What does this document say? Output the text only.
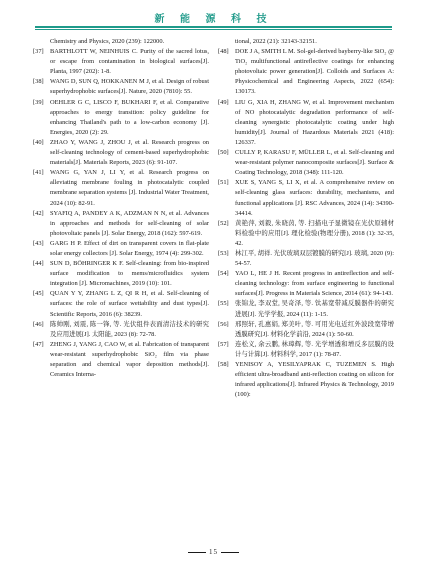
新 能 源 科 技

Chemistry and Physics, 2020 (239): 122000.

[37] BARTHLOTT W, NEINHUIS C. Purity of the sacred lotus, or escape from contamination in biological surfaces[J]. Planta, 1997 (202): 1-8.
[38] WANG D, SUN Q, HOKKANEN M J, et al. Design of robust superhydrophobic surfaces[J]. Nature, 2020 (7810): 55.
[39] OEHLER G C, LISCO F, BUKHARI F, et al. Comparative approaches to energy transition: policy guideline for enhancing Thailand's path to a low-carbon economy [J]. Energies, 2020 (2): 29.
[40] ZHAO Y, WANG J, ZHOU J, et al. Research progress on self-cleaning technology of cement-based superhydrophobic materials[J]. Materials Reports, 2023 (6): 91-107.
[41] WANG G, YAN J, LI Y, et al. Research progress on alleviating membrane fouling in photocatalytic coupled membrane separation systems [J]. Industrial Water Treatment, 2024 (10): 82-91.
[42] SYAFIQ A, PANDEY A K, ADZMAN N N, et al. Advances in approaches and methods for self-cleaning of solar photovoltaic panels [J]. Solar Energy, 2018 (162): 597-619.
[43] GARG H P. Effect of dirt on transparent covers in flat-plate solar energy collectors [J]. Solar Energy, 1974 (4): 299-302.
[44] SUN D, BÖHRINGER K F. Self-cleaning: from bio-inspired surface modification to mems/microfluidics system integration [J]. Micromachines, 2019 (10): 101.
[45] QUAN Y Y, ZHANG L Z, QI R H, et al. Self-cleaning of surfaces: the role of surface wettability and dust types[J]. Scientific Reports, 2016 (6): 38239.
[46] 陈帅刚, 刘震, 陈一锋, 等. 光伏组件表面清洁技术的研究及应用进展[J]. 太阳能, 2023 (8): 72-78.
[47] ZHENG J, YANG J, CAO W, et al. Fabrication of transparent wear-resistant superhydrophobic SiO₂ film via phase separation and chemical vapor deposition methods[J]. Ceramics Interna-

tional, 2022 (21): 32143-32151.

[48] DOE J A, SMITH L M. Sol-gel-derived bayberry-like SiO₂ @ TiO₂ multifunctional antireflective coatings for enhancing photovoltaic power generation[J]. Colloids and Surfaces A: Physicochemical and Engineering Aspects, 2022 (654): 130173.
[49] LIU G, XIA H, ZHANG W, et al. Improvement mechanism of NO photocatalytic degradation performance of self-cleaning synergistic photocatalytic coating under high humidity[J]. Journal of Hazardous Materials 2021 (418): 126337.
[50] CULLY P, KARASU F, MÜLLER L, et al. Self-cleaning and wear-resistant polymer nanocomposite surfaces[J]. Surface & Coating Technology, 2018 (348): 111-120.
[51] XUE S, YANG S, LI X, et al. A comprehensive review on self-cleaning glass surfaces: durability, mechanisms, and functional applications [J]. RSC Advances, 2024 (14): 34390-34414.
[52] 黄艳萍, 刘毅, 朱晓茵, 等. 扫描电子显微镜在光伏原辅材料检验中的应用[J]. 理化检验(物理分册), 2018 (1): 32-35, 42.
[53] 林江平, 胡祥. 光伏玻璃双层镀膜的研究[J]. 玻璃, 2020 (9): 54-57.
[54] YAO L, HE J H. Recent progress in antireflection and self-cleaning technology: from surface engineering to functional surfaces[J]. Progress in Materials Science, 2014 (61): 94-143.
[55] 张锦龙, 李双堂, 吴奇泽, 等. 钛基宽带减反膜器件的研究进展[J]. 光学学报, 2024 (11): 1-15.
[56] 邢照轩, 孔惠娟, 郑美叶, 等. 可用光电近红外波段宽带增透膜研究[J]. 材料化学前沿, 2024 (1): 50-60.
[57] 连松义, 余云鹏, 林璋辉, 等. 光学增透和增反多层膜的设计与计算[J]. 材料科学, 2017 (1): 78-87.
[58] YENISOY A, YESILYAPRAK C, TUZEMEN S. High efficient ultra-broadband anti-reflection coating on silicon for infrared applications[J]. Infrared Physics & Technology, 2019 (100):
15
